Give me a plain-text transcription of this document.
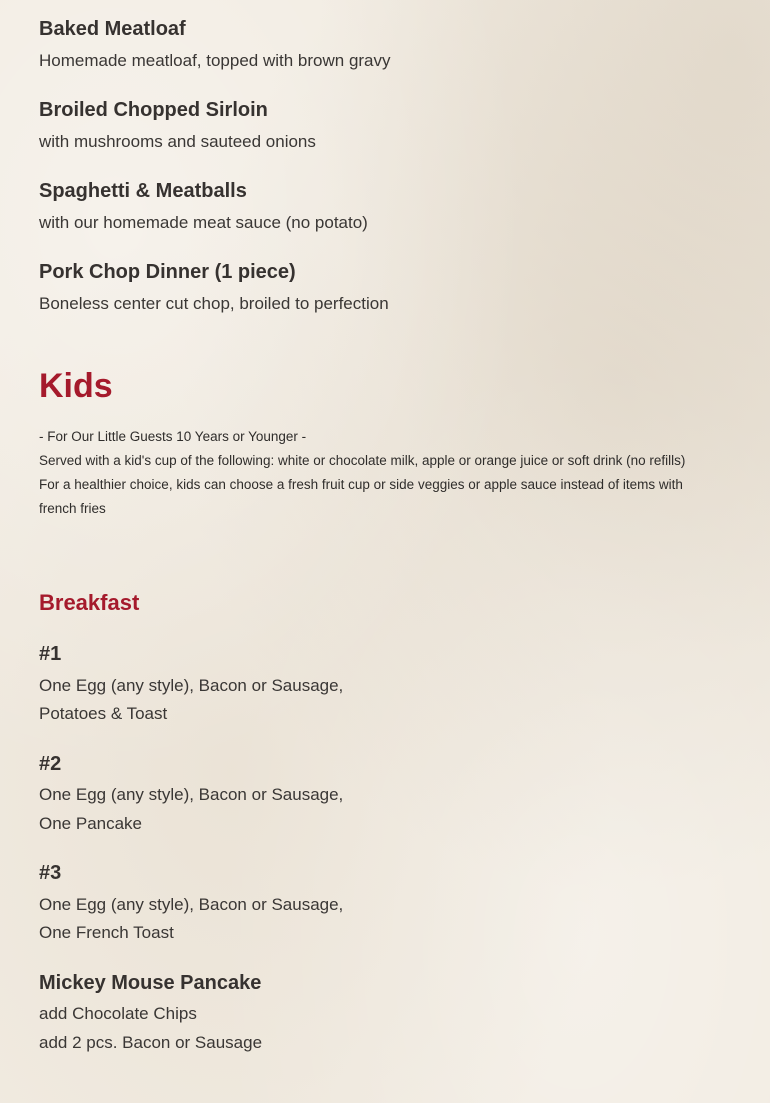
Baked Meatloaf
Homemade meatloaf, topped with brown gravy
Broiled Chopped Sirloin
with mushrooms and sauteed onions
Spaghetti & Meatballs
with our homemade meat sauce (no potato)
Pork Chop Dinner (1 piece)
Boneless center cut chop, broiled to perfection
Kids
- For Our Little Guests 10 Years or Younger -
Served with a kid's cup of the following: white or chocolate milk, apple or orange juice or soft drink (no refills)
For a healthier choice, kids can choose a fresh fruit cup or side veggies or apple sauce instead of items with french fries
Breakfast
#1
One Egg (any style), Bacon or Sausage,
Potatoes & Toast
#2
One Egg (any style), Bacon or Sausage,
One Pancake
#3
One Egg (any style), Bacon or Sausage,
One French Toast
Mickey Mouse Pancake
add Chocolate Chips
add 2 pcs. Bacon or Sausage
